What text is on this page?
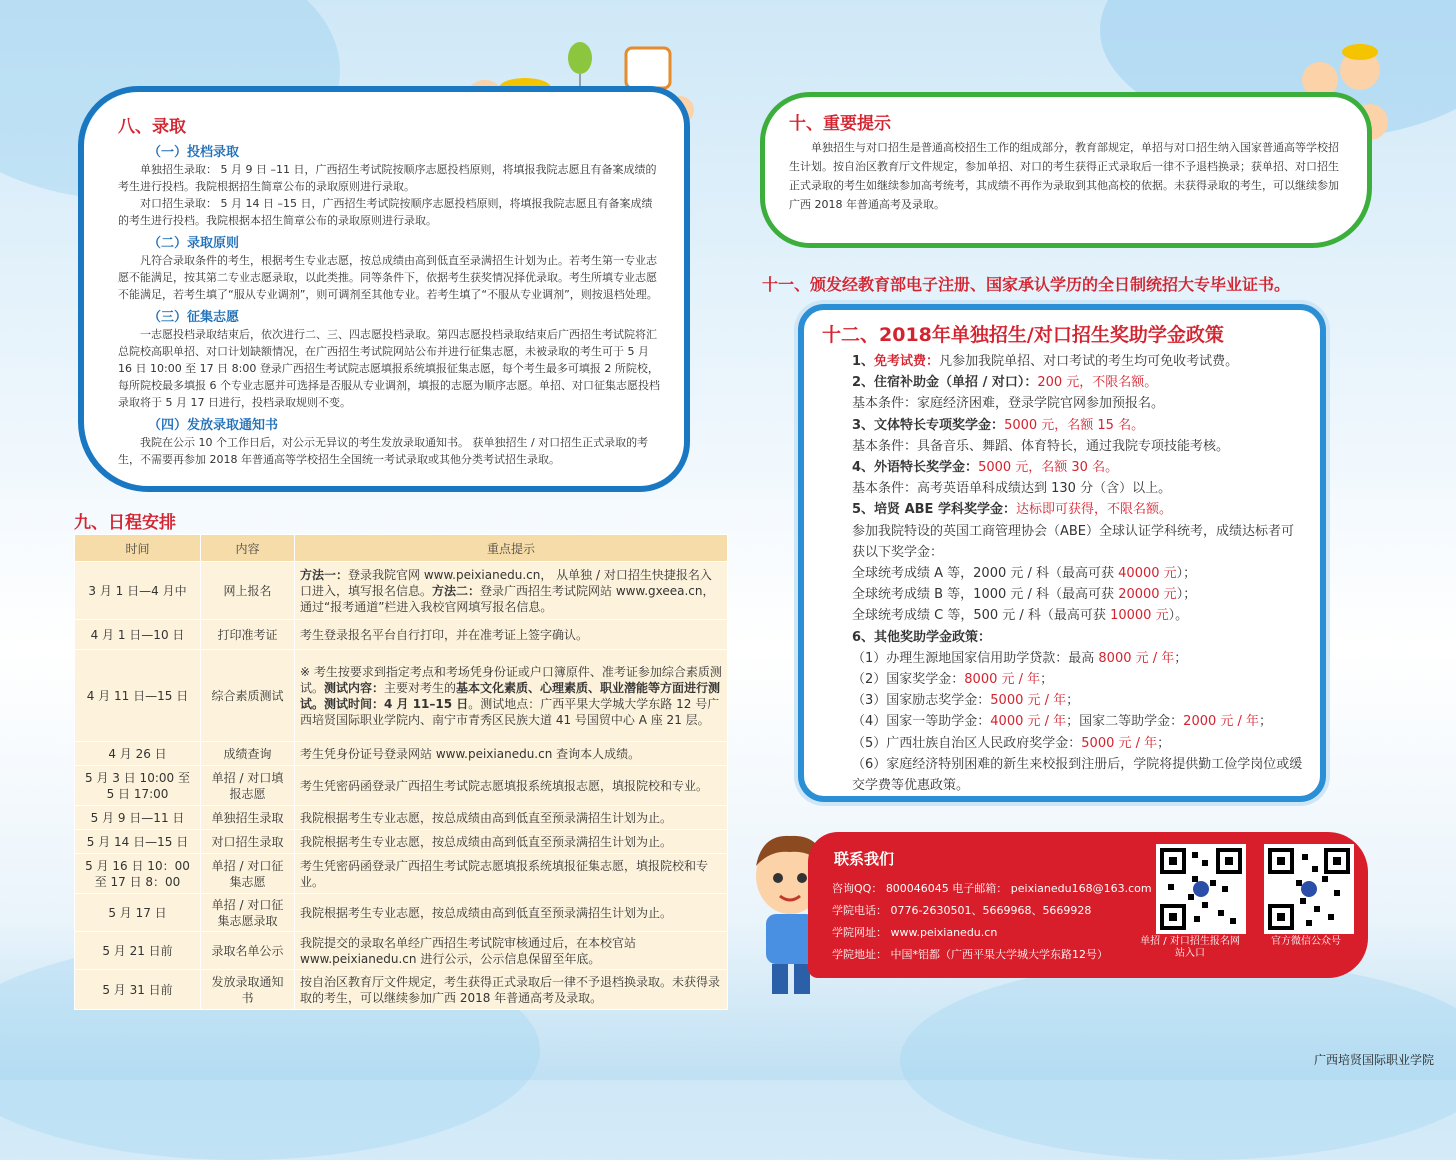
八、录取
（一）投档录取

单独招生录取： 5 月 9 日 –11 日，广西招生考试院按顺序志愿投档原则，将填报我院志愿且有备案成绩的考生进行投档。我院根据招生简章公布的录取原则进行录取。

对口招生录取： 5 月 14 日 –15 日，广西招生考试院按顺序志愿投档原则，将填报我院志愿且有备案成绩的考生进行投档。我院根据本招生简章公布的录取原则进行录取。

（二）录取原则

凡符合录取条件的考生，根据考生专业志愿，按总成绩由高到低直至录满招生计划为止。若考生第一专业志愿不能满足，按其第二专业志愿录取，以此类推。同等条件下，依据考生获奖情况择优录取。考生所填专业志愿不能满足，若考生填了“服从专业调剂”，则可调剂至其他专业。若考生填了“不服从专业调剂”，则按退档处理。

（三）征集志愿

一志愿投档录取结束后，依次进行二、三、四志愿投档录取。第四志愿投档录取结束后广西招生考试院将汇总院校高职单招、对口计划缺额情况，在广西招生考试院网站公布并进行征集志愿，未被录取的考生可于 5 月 16 日 10:00 至 17 日 8:00 登录广西招生考试院志愿填报系统填报征集志愿，每个考生最多可填报 2 所院校，每所院校最多填报 6 个专业志愿并可选择是否服从专业调剂，填报的志愿为顺序志愿。单招、对口征集志愿投档录取将于 5 月 17 日进行，投档录取规则不变。

（四）发放录取通知书

我院在公示 10 个工作日后，对公示无异议的考生发放录取通知书。 获单独招生 / 对口招生正式录取的考生，不需要再参加 2018 年普通高等学校招生全国统一考试录取或其他分类考试招生录取。

九、日程安排
时间	内容	重点提示
3 月 1 日—4 月中	网上报名	方法一：登录我院官网 www.peixianedu.cn， 从单独 / 对口招生快捷报名入口进入，填写报名信息。方法二：登录广西招生考试院网站 www.gxeea.cn，通过“报考通道”栏进入我校官网填写报名信息。
4 月 1 日—10 日	打印准考证	考生登录报名平台自行打印，并在准考证上签字确认。
4 月 11 日—15 日	综合素质测试	※ 考生按要求到指定考点和考场凭身份证或户口簿原件、准考证参加综合素质测试。测试内容：主要对考生的基本文化素质、心理素质、职业潜能等方面进行测试。测试时间：4 月 11–15 日。测试地点：广西平果大学城大学东路 12 号广西培贤国际职业学院内、南宁市青秀区民族大道 41 号国贸中心 A 座 21 层。
4 月 26 日	成绩查询	考生凭身份证号登录网站 www.peixianedu.cn 查询本人成绩。
5 月 3 日 10:00 至 5 日 17:00	单招 / 对口填报志愿	考生凭密码函登录广西招生考试院志愿填报系统填报志愿，填报院校和专业。
5 月 9 日—11 日	单独招生录取	我院根据考生专业志愿，按总成绩由高到低直至预录满招生计划为止。
5 月 14 日—15 日	对口招生录取	我院根据考生专业志愿，按总成绩由高到低直至预录满招生计划为止。
5 月 16 日 10：00 至 17 日 8：00	单招 / 对口征集志愿	考生凭密码函登录广西招生考试院志愿填报系统填报征集志愿，填报院校和专业。
5 月 17 日	单招 / 对口征集志愿录取	我院根据考生专业志愿，按总成绩由高到低直至预录满招生计划为止。
5 月 21 日前	录取名单公示	我院提交的录取名单经广西招生考试院审核通过后，在本校官站 www.peixianedu.cn 进行公示，公示信息保留至年底。
5 月 31 日前	发放录取通知书	按自治区教育厅文件规定，考生获得正式录取后一律不予退档换录取。未获得录取的考生，可以继续参加广西 2018 年普通高考及录取。
十、重要提示

单独招生与对口招生是普通高校招生工作的组成部分，教育部规定，单招与对口招生纳入国家普通高等学校招生计划。按自治区教育厅文件规定，参加单招、对口的考生获得正式录取后一律不予退档换录；获单招、对口招生正式录取的考生如继续参加高考统考，其成绩不再作为录取到其他高校的依据。未获得录取的考生，可以继续参加广西 2018 年普通高考及录取。

十一、颁发经教育部电子注册、国家承认学历的全日制统招大专毕业证书。
十二、2018年单独招生/对口招生奖助学金政策

1、免考试费：凡参加我院单招、对口考试的考生均可免收考试费。

2、住宿补助金（单招 / 对口）：200 元，不限名额。

基本条件：家庭经济困难，登录学院官网参加预报名。

3、文体特长专项奖学金：5000 元，名额 15 名。

基本条件：具备音乐、舞蹈、体育特长，通过我院专项技能考核。

4、外语特长奖学金：5000 元，名额 30 名。

基本条件：高考英语单科成绩达到 130 分（含）以上。

5、培贤 ABE 学科奖学金：达标即可获得，不限名额。

参加我院特设的英国工商管理协会（ABE）全球认证学科统考，成绩达标者可获以下奖学金：

全球统考成绩 A 等，2000 元 / 科（最高可获 40000 元）；

全球统考成绩 B 等，1000 元 / 科（最高可获 20000 元）；

全球统考成绩 C 等，500 元 / 科（最高可获 10000 元）。

6、其他奖助学金政策：

（1）办理生源地国家信用助学贷款：最高 8000 元 / 年；

（2）国家奖学金：8000 元 / 年；

（3）国家励志奖学金：5000 元 / 年；

（4）国家一等助学金：4000 元 / 年；国家二等助学金：2000 元 / 年；

（5）广西壮族自治区人民政府奖学金：5000 元 / 年；

（6）家庭经济特别困难的新生来校报到注册后，学院将提供勤工俭学岗位或缓交学费等优惠政策。

联系我们
咨询QQ： 800046045 电子邮箱： peixianedu168@163.com
学院电话： 0776-2630501、5669968、5669928
学院网址： www.peixianedu.cn
学院地址： 中国*铝都（广西平果大学城大学东路12号）
单招 / 对口招生报名网站入口
官方微信公众号
广西培贤国际职业学院
